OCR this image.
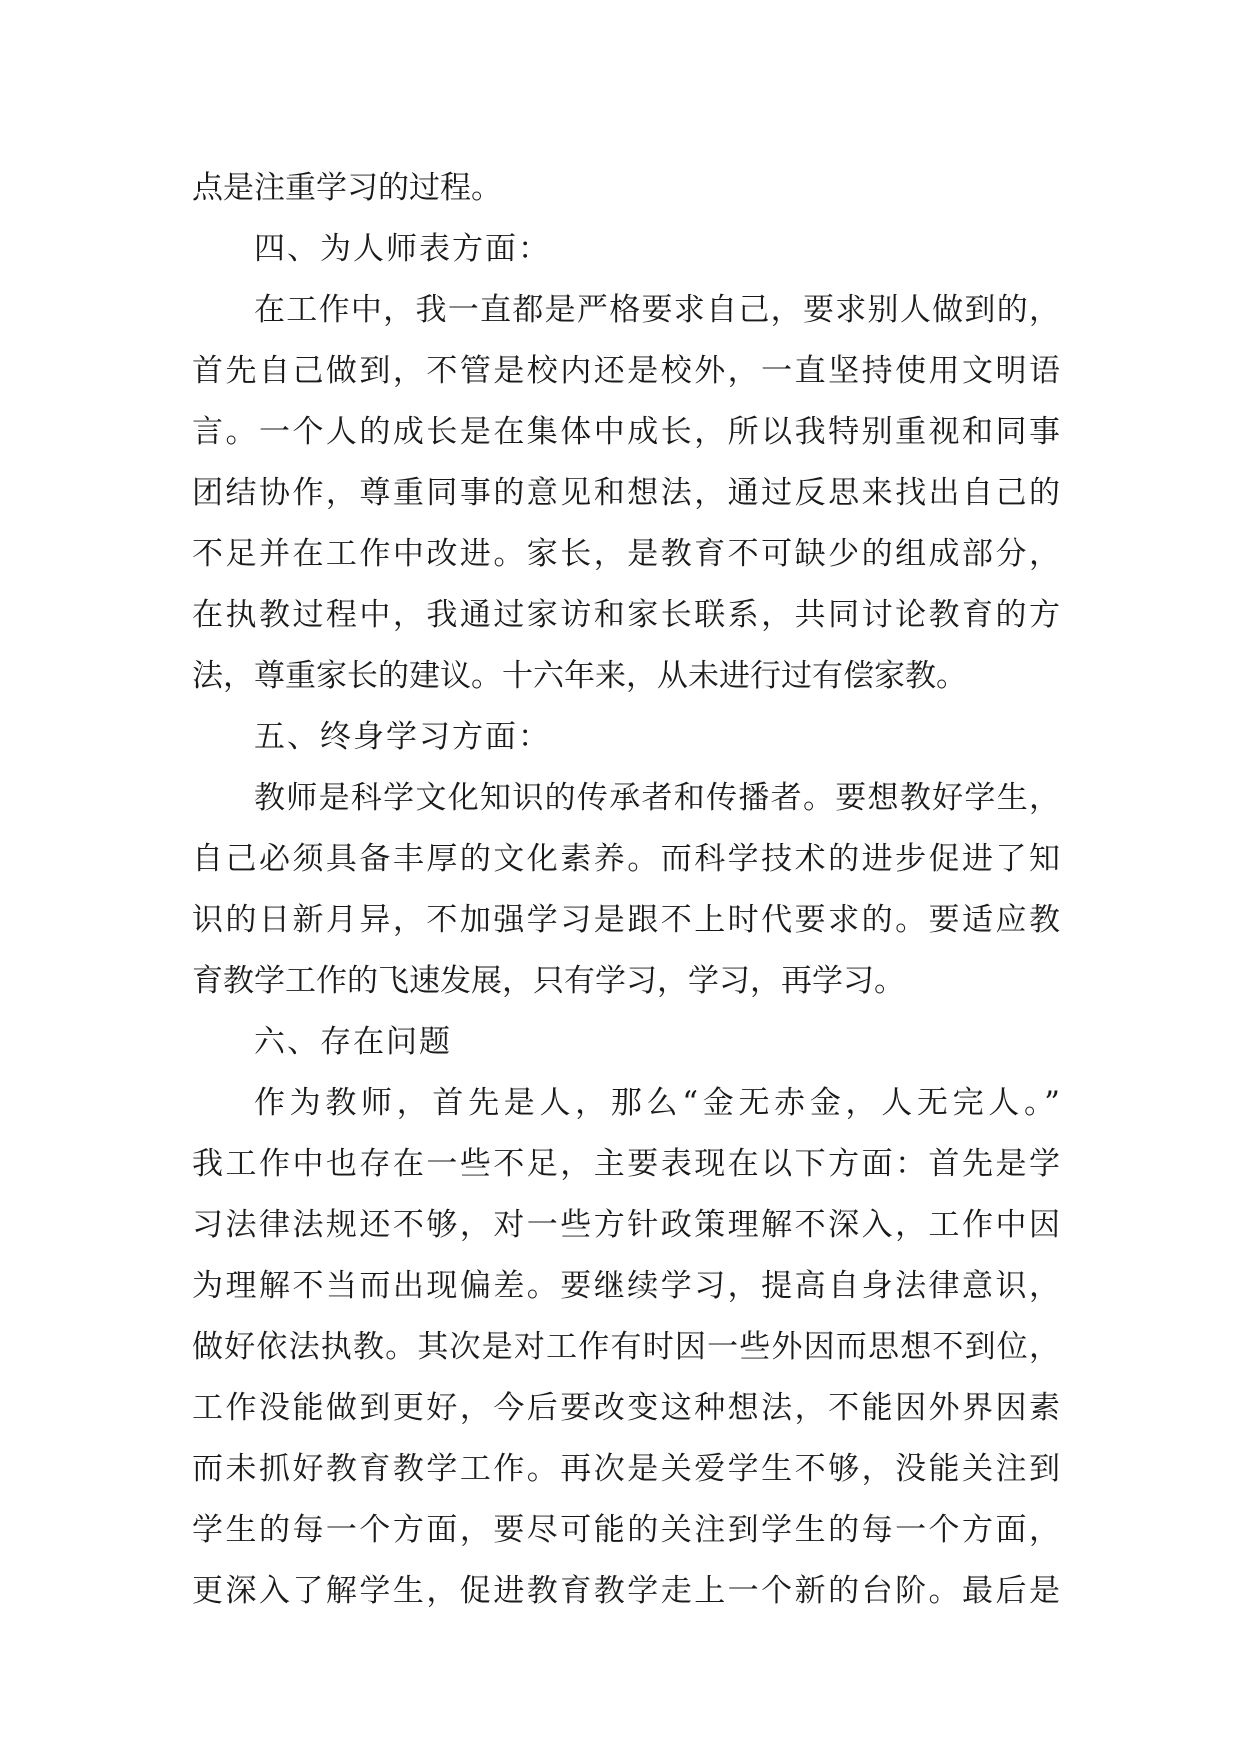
点是注重学习的过程。
四、为人师表方面：
在工作中，我一直都是严格要求自己，要求别人做到的，
首先自己做到，不管是校内还是校外，一直坚持使用文明语
言。一个人的成长是在集体中成长，所以我特别重视和同事
团结协作，尊重同事的意见和想法，通过反思来找出自己的
不足并在工作中改进。家长，是教育不可缺少的组成部分，
在执教过程中，我通过家访和家长联系，共同讨论教育的方
法，尊重家长的建议。十六年来，从未进行过有偿家教。
五、终身学习方面：
教师是科学文化知识的传承者和传播者。要想教好学生，
自己必须具备丰厚的文化素养。而科学技术的进步促进了知
识的日新月异，不加强学习是跟不上时代要求的。要适应教
育教学工作的飞速发展，只有学习，学习，再学习。
六、存在问题
作为教师，首先是人，那么“金无赤金，人无完人。”
我工作中也存在一些不足，主要表现在以下方面：首先是学
习法律法规还不够，对一些方针政策理解不深入，工作中因
为理解不当而出现偏差。要继续学习，提高自身法律意识，
做好依法执教。其次是对工作有时因一些外因而思想不到位，
工作没能做到更好，今后要改变这种想法，不能因外界因素
而未抓好教育教学工作。再次是关爱学生不够，没能关注到
学生的每一个方面，要尽可能的关注到学生的每一个方面，
更深入了解学生，促进教育教学走上一个新的台阶。最后是
